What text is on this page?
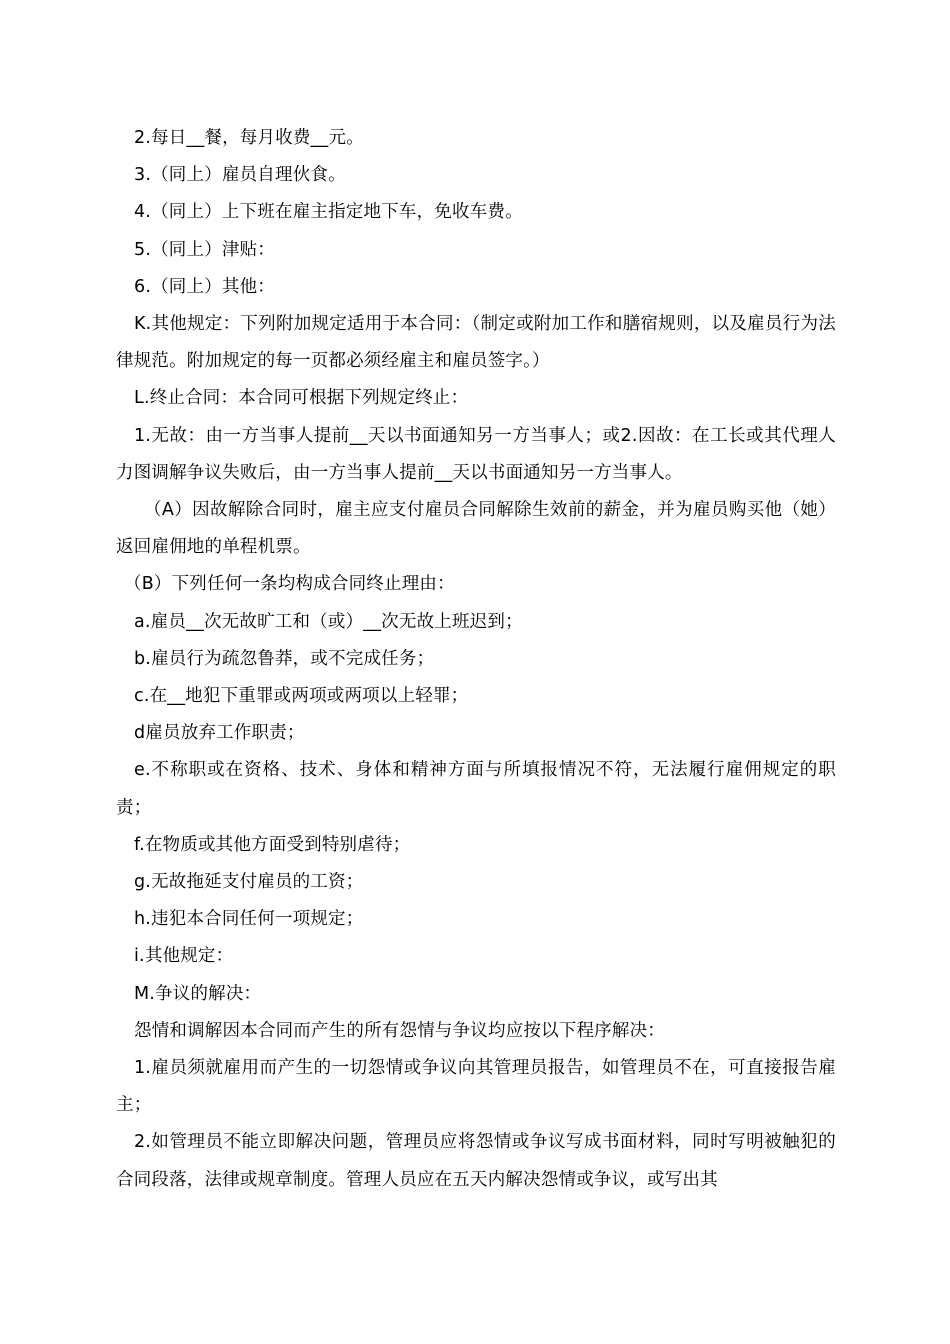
2.每日__餐，每月收费__元。

3.（同上）雇员自理伙食。

4.（同上）上下班在雇主指定地下车，免收车费。

5.（同上）津贴：

6.（同上）其他：

K.其他规定：下列附加规定适用于本合同：（制定或附加工作和膳宿规则，以及雇员行为法律规范。附加规定的每一页都必须经雇主和雇员签字。）

L.终止合同：本合同可根据下列规定终止：

1.无故：由一方当事人提前__天以书面通知另一方当事人；或2.因故：在工长或其代理人力图调解争议失败后，由一方当事人提前__天以书面通知另一方当事人。

（A）因故解除合同时，雇主应支付雇员合同解除生效前的薪金，并为雇员购买他（她）返回雇佣地的单程机票。

（B）下列任何一条均构成合同终止理由：

a.雇员__次无故旷工和（或）__次无故上班迟到；

b.雇员行为疏忽鲁莽，或不完成任务；

c.在__地犯下重罪或两项或两项以上轻罪；

d雇员放弃工作职责；

e.不称职或在资格、技术、身体和精神方面与所填报情况不符，无法履行雇佣规定的职责；

f.在物质或其他方面受到特别虐待；

g.无故拖延支付雇员的工资；

h.违犯本合同任何一项规定；

i.其他规定：

M.争议的解决：

怨情和调解因本合同而产生的所有怨情与争议均应按以下程序解决：

1.雇员须就雇用而产生的一切怨情或争议向其管理员报告，如管理员不在，可直接报告雇主；

2.如管理员不能立即解决问题，管理员应将怨情或争议写成书面材料，同时写明被触犯的合同段落，法律或规章制度。管理人员应在五天内解决怨情或争议，或写出其
